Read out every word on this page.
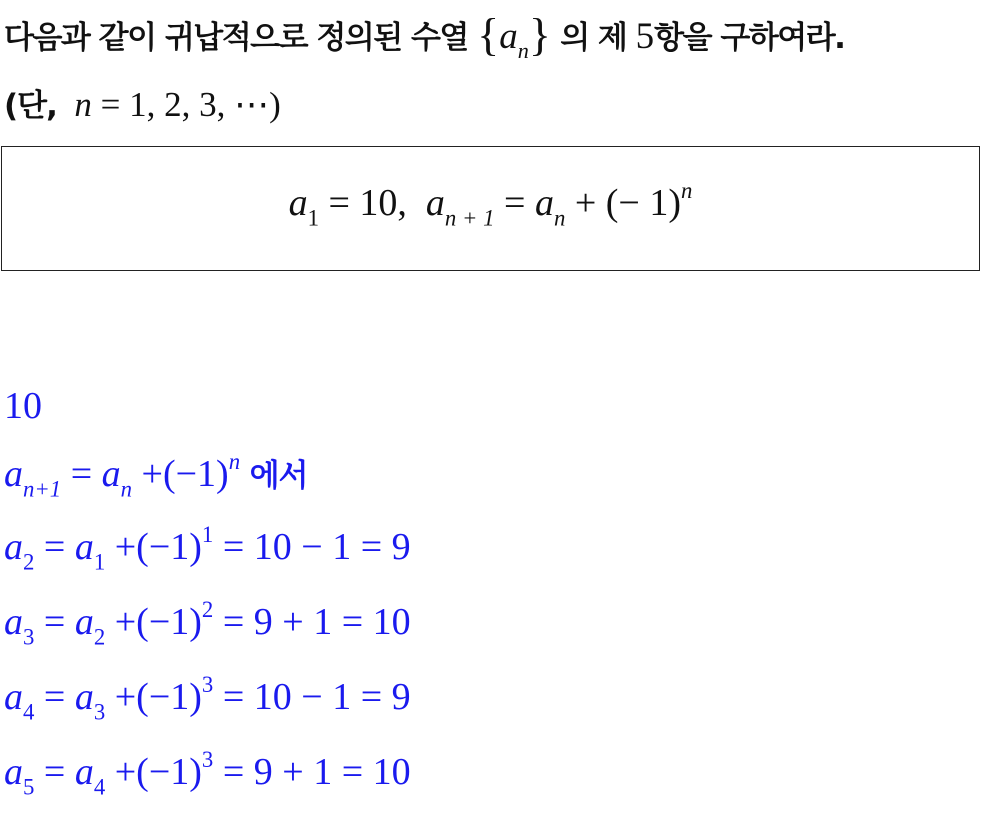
다음과 같이 귀납적으로 정의된 수열 $\{a_n\}$ 의 제 5항을 구하여라.
(단, n = 1, 2, 3, ⋯)
$a_1 = 10$, $a_{n + 1} = a_n$ + (− 1)$^n$
10
$a_{n+1} = a_n +(-1)^n$ 에서
$a_2 = a_1 +(-1)^1 = 10 - 1 = 9$
$a_3 = a_2 +(-1)^2 = 9 + 1 = 10$
$a_4 = a_3 +(-1)^3 = 10 - 1 = 9$
$a_5 = a_4 +(-1)^3 = 9 + 1 = 10$
